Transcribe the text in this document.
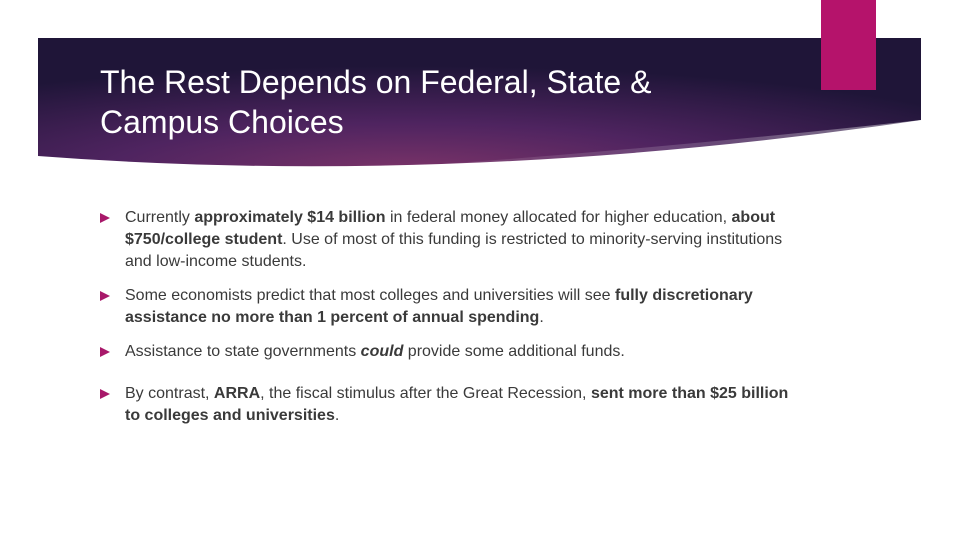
The Rest Depends on Federal, State &
Campus Choices
Currently approximately $14 billion in federal money allocated for higher education, about $750/college student. Use of most of this funding is restricted to minority-serving institutions and low-income students.
Some economists predict that most colleges and universities will see fully discretionary assistance no more than 1 percent of annual spending.
Assistance to state governments could provide some additional funds.
By contrast, ARRA, the fiscal stimulus after the Great Recession, sent more than $25 billion to colleges and universities.
